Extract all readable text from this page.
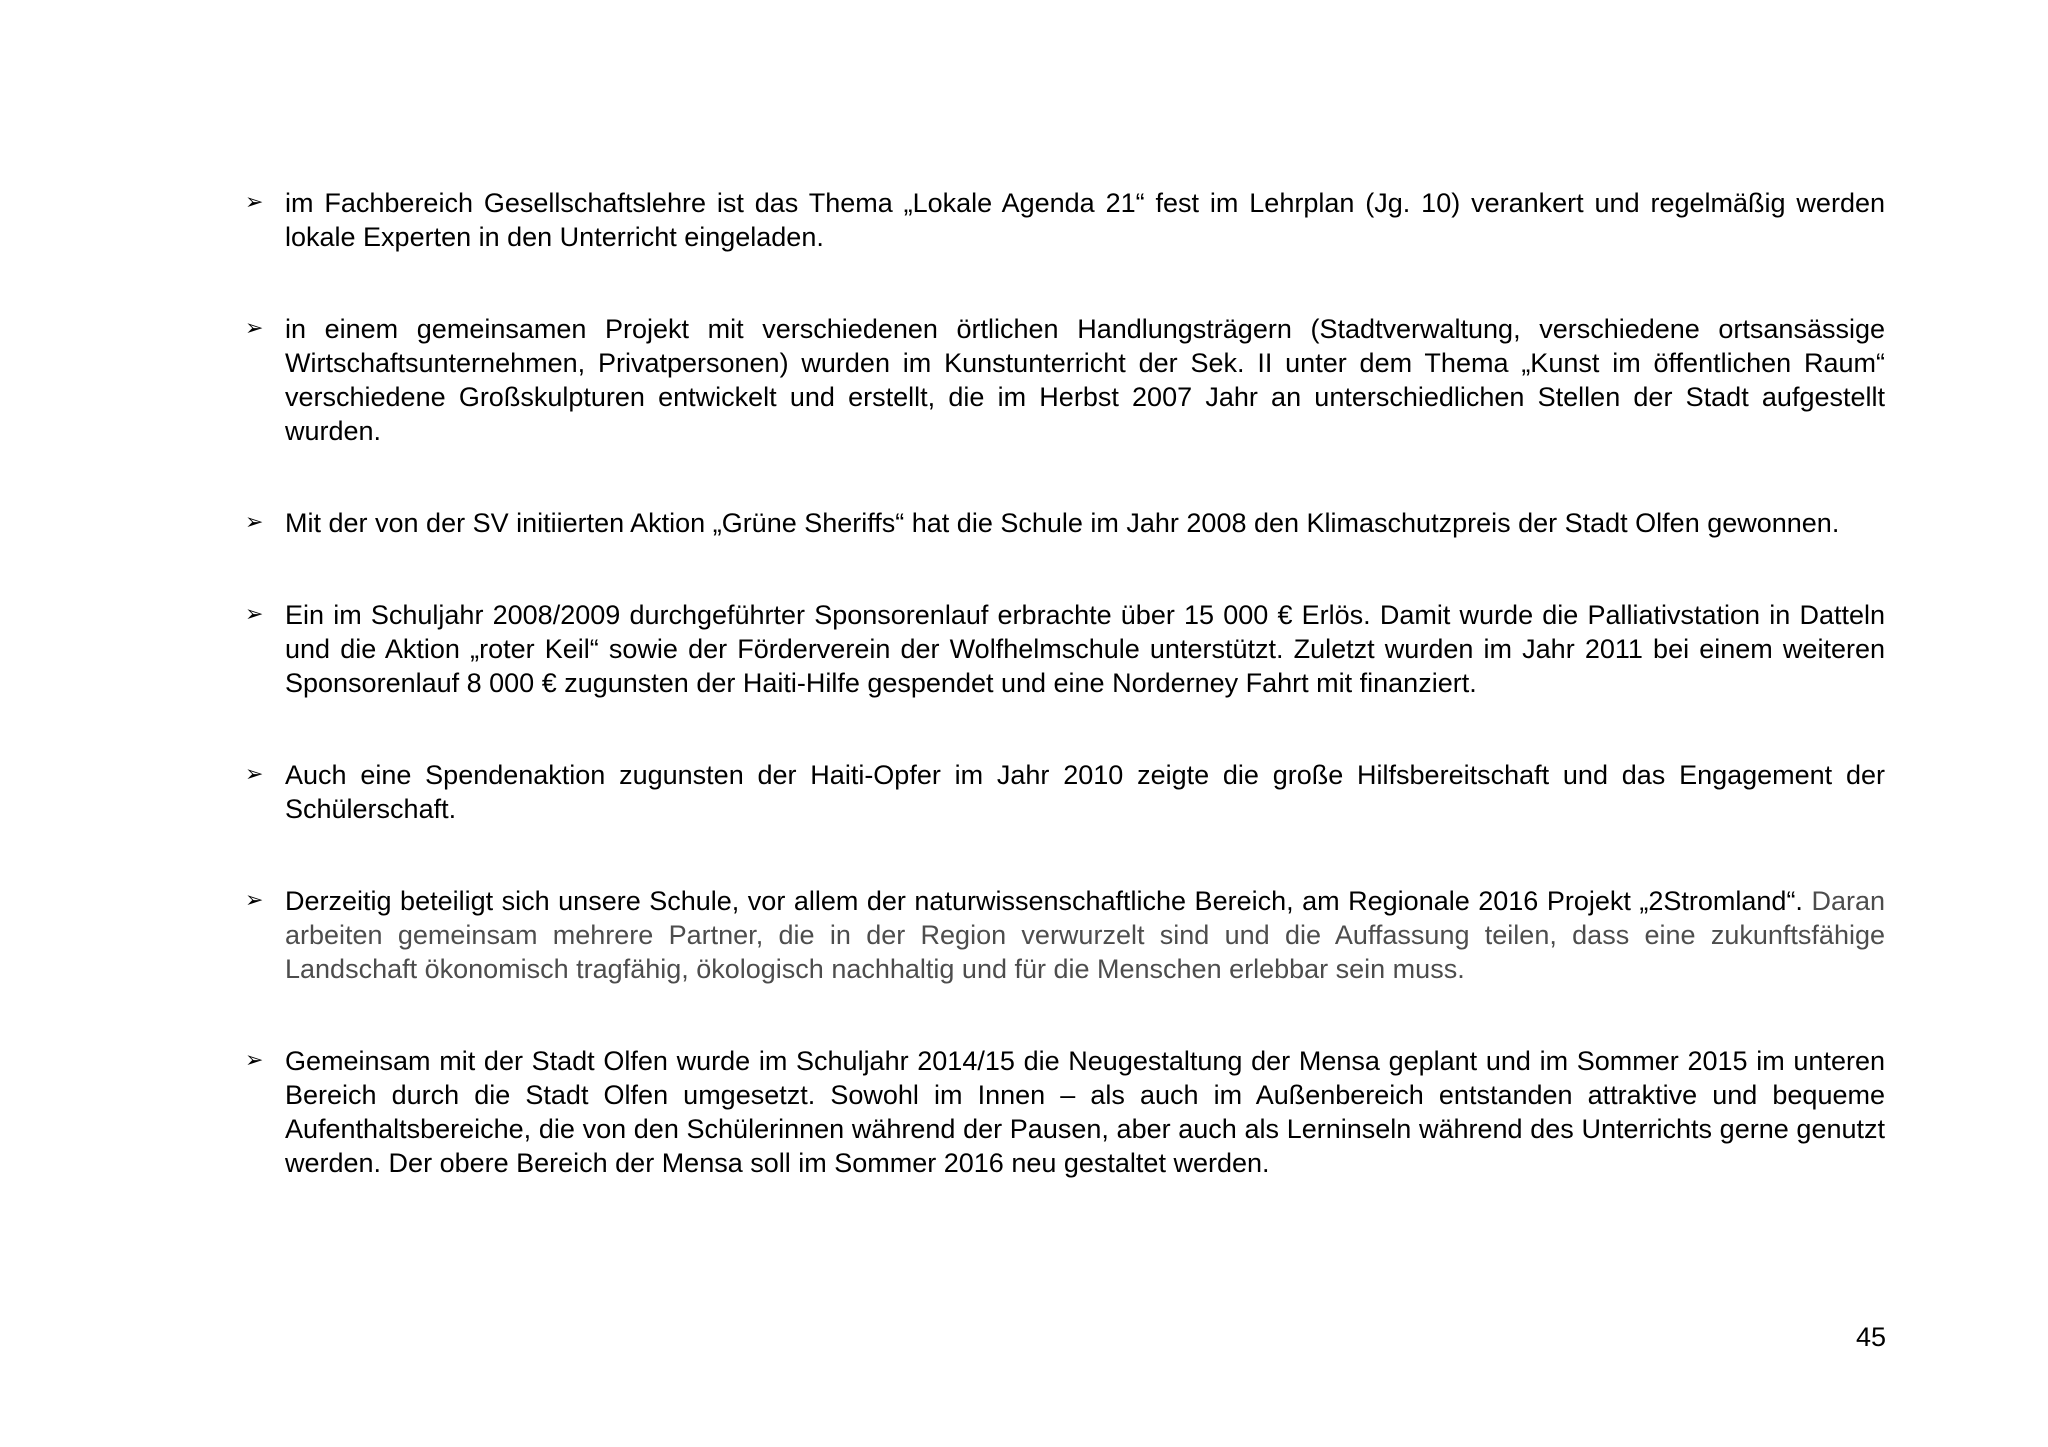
➢ im Fachbereich Gesellschaftslehre ist das Thema „Lokale Agenda 21“ fest im Lehrplan (Jg. 10) verankert und regelmäßig werden lokale Experten in den Unterricht eingeladen.
➢ in einem gemeinsamen Projekt mit verschiedenen örtlichen Handlungsträgern (Stadtverwaltung, verschiedene ortsansässige Wirtschaftsunternehmen, Privatpersonen) wurden im Kunstunterricht der Sek. II unter dem Thema „Kunst im öffentlichen Raum“ verschiedene Großskulpturen entwickelt und erstellt, die im Herbst 2007 Jahr an unterschiedlichen Stellen der Stadt aufgestellt wurden.
➢ Mit der von der SV initiierten Aktion „Grüne Sheriffs“ hat die Schule im Jahr 2008 den Klimaschutzpreis der Stadt Olfen gewonnen.
➢ Ein im Schuljahr 2008/2009 durchgeführter Sponsorenlauf erbrachte über 15 000 € Erlös. Damit wurde die Palliativstation in Datteln und die Aktion „roter Keil“ sowie der Förderverein der Wolfhelmschule unterstützt. Zuletzt wurden im Jahr 2011 bei einem weiteren Sponsorenlauf 8 000 € zugunsten der Haiti-Hilfe gespendet und eine Norderney Fahrt mit finanziert.
➢ Auch eine Spendenaktion zugunsten der Haiti-Opfer im Jahr 2010 zeigte die große Hilfsbereitschaft und das Engagement der Schülerschaft.
➢ Derzeitig beteiligt sich unsere Schule, vor allem der naturwissenschaftliche Bereich, am Regionale 2016 Projekt „2Stromland“. Daran arbeiten gemeinsam mehrere Partner, die in der Region verwurzelt sind und die Auffassung teilen, dass eine zukunftsfähige Landschaft ökonomisch tragfähig, ökologisch nachhaltig und für die Menschen erlebbar sein muss.
➢ Gemeinsam mit der Stadt Olfen wurde im Schuljahr 2014/15 die Neugestaltung der Mensa geplant und im Sommer 2015 im unteren Bereich durch die Stadt Olfen umgesetzt. Sowohl im Innen – als auch im Außenbereich entstanden attraktive und bequeme Aufenthaltsbereiche, die von den Schülerinnen während der Pausen, aber auch als Lerninseln während des Unterrichts gerne genutzt werden. Der obere Bereich der Mensa soll im Sommer 2016 neu gestaltet werden.
45
